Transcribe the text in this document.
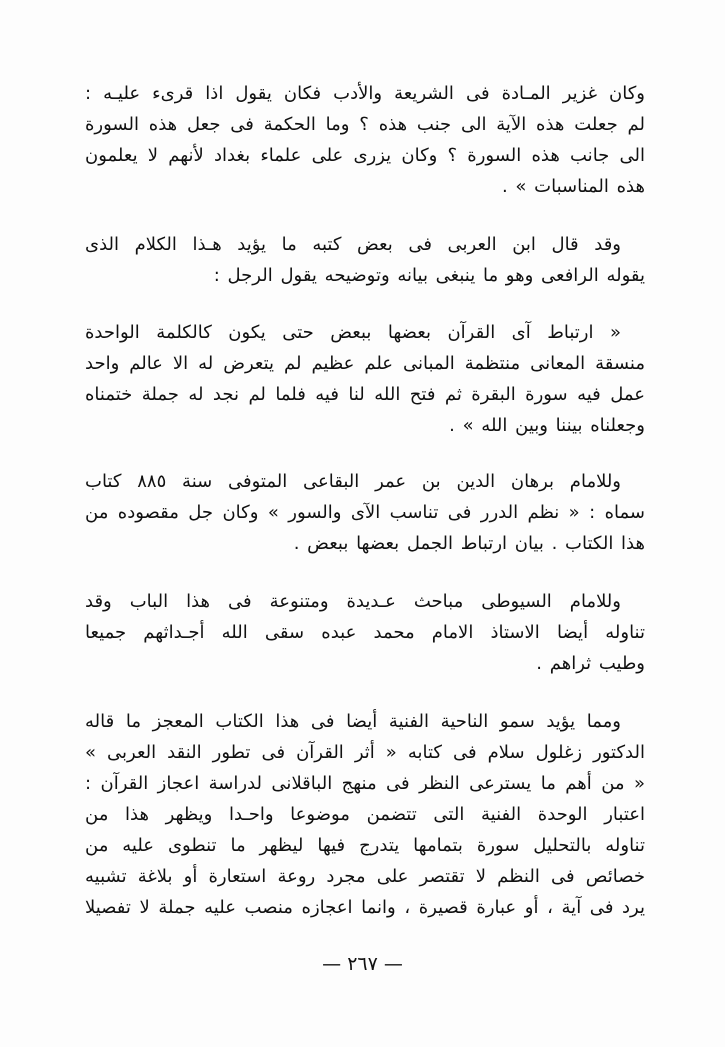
وكان غزير المـادة فى الشريعة والأدب فكان يقول اذا قرىء عليـه :
لم جعلت هذه الآية الى جنب هذه ؟ وما الحكمة فى جعل هذه السورة
الى جانب هذه السورة ؟ وكان يزرى على علماء بغداد لأنهم لا يعلمون
هذه المناسبات » .
وقد قال ابن العربى فى بعض كتبه ما يؤيد هـذا الكلام الذى
يقوله الرافعى وهو ما ينبغى بيانه وتوضيحه يقول الرجل :
« ارتباط آى القرآن بعضها ببعض حتى يكون كالكلمة الواحدة
منسقة المعانى منتظمة المبانى علم عظيم لم يتعرض له الا عالم واحد
عمل فيه سورة البقرة ثم فتح الله لنا فيه فلما لم نجد له جملة ختمناه
وجعلناه بيننا وبين الله » .
وللامام برهان الدين بن عمر البقاعى المتوفى سنة ٨٨٥ كتاب
سماه : « نظم الدرر فى تناسب الآى والسور » وكان جل مقصوده من
هذا الكتاب . بيان ارتباط الجمل بعضها ببعض .
وللامام السيوطى مباحث عـديدة ومتنوعة فى هذا الباب وقد
تناوله أيضا الاستاذ الامام محمد عبده سقى الله أجـداثهم جميعا
وطيب ثراهم .
ومما يؤيد سمو الناحية الفنية أيضا فى هذا الكتاب المعجز ما قاله
الدكتور زغلول سلام فى كتابه « أثر القرآن فى تطور النقد العربى »
« من أهم ما يسترعى النظر فى منهج الباقلانى لدراسة اعجاز القرآن :
اعتبار الوحدة الفنية التى تتضمن موضوعا واحـدا ويظهر هذا من
تناوله بالتحليل سورة بتمامها يتدرج فيها ليظهر ما تنطوى عليه من
خصائص فى النظم لا تقتصر على مجرد روعة استعارة أو بلاغة تشبيه
يرد فى آية ، أو عبارة قصيرة ، وانما اعجازه منصب عليه جملة لا تفصيلا
— ٢٦٧ —
